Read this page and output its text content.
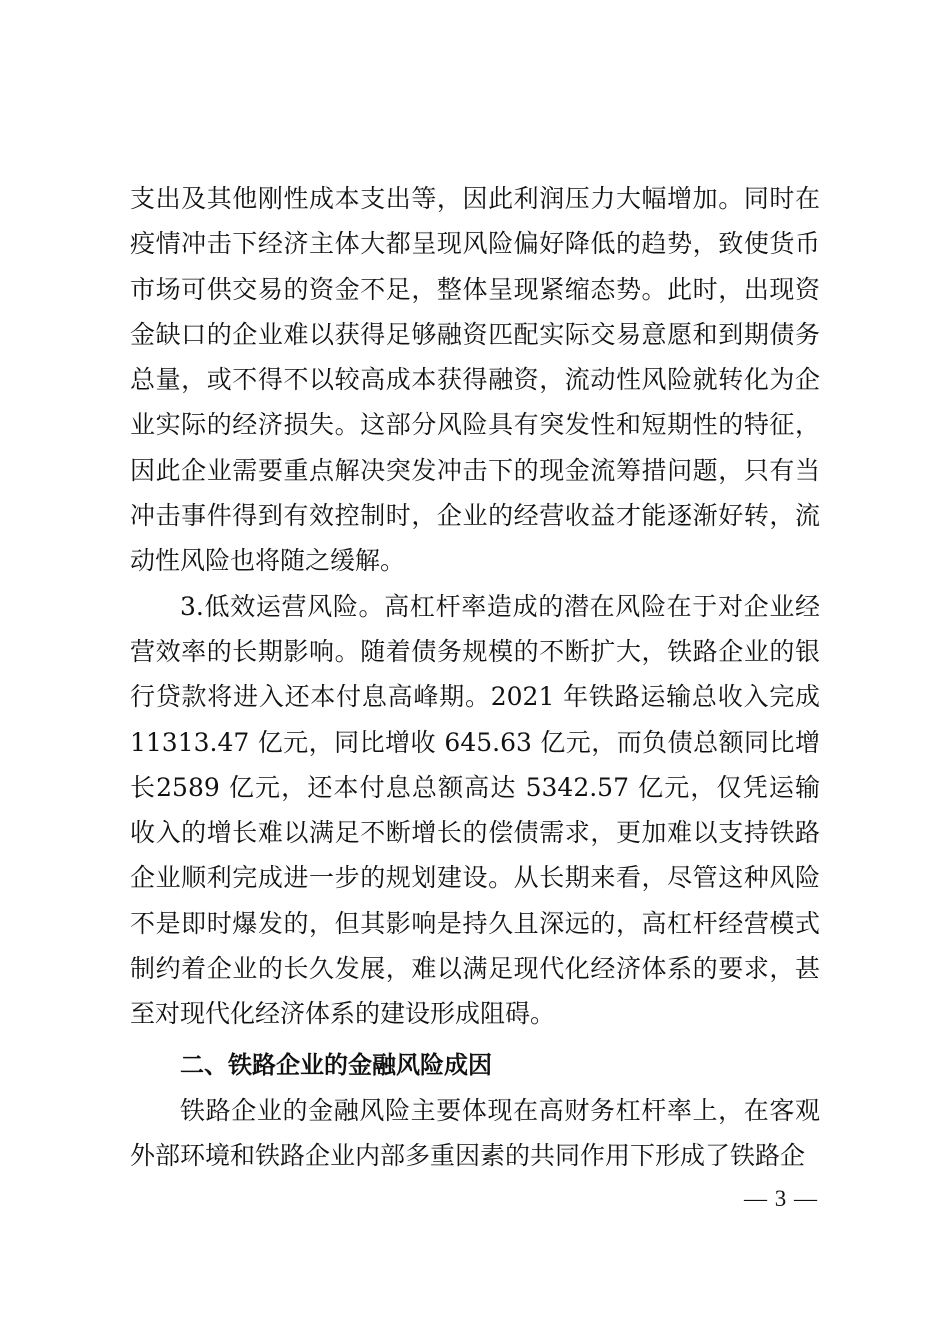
支出及其他刚性成本支出等，因此利润压力大幅增加。同时在疫情冲击下经济主体大都呈现风险偏好降低的趋势，致使货币市场可供交易的资金不足，整体呈现紧缩态势。此时，出现资金缺口的企业难以获得足够融资匹配实际交易意愿和到期债务总量，或不得不以较高成本获得融资，流动性风险就转化为企业实际的经济损失。这部分风险具有突发性和短期性的特征，因此企业需要重点解决突发冲击下的现金流筹措问题，只有当冲击事件得到有效控制时，企业的经营收益才能逐渐好转，流动性风险也将随之缓解。

3.低效运营风险。高杠杆率造成的潜在风险在于对企业经营效率的长期影响。随着债务规模的不断扩大，铁路企业的银行贷款将进入还本付息高峰期。2021 年铁路运输总收入完成11313.47 亿元，同比增收 645.63 亿元，而负债总额同比增长2589 亿元，还本付息总额高达 5342.57 亿元，仅凭运输收入的增长难以满足不断增长的偿债需求，更加难以支持铁路企业顺利完成进一步的规划建设。从长期来看，尽管这种风险不是即时爆发的，但其影响是持久且深远的，高杠杆经营模式制约着企业的长久发展，难以满足现代化经济体系的要求，甚至对现代化经济体系的建设形成阻碍。

二、铁路企业的金融风险成因

铁路企业的金融风险主要体现在高财务杠杆率上，在客观外部环境和铁路企业内部多重因素的共同作用下形成了铁路企

— 3 —
